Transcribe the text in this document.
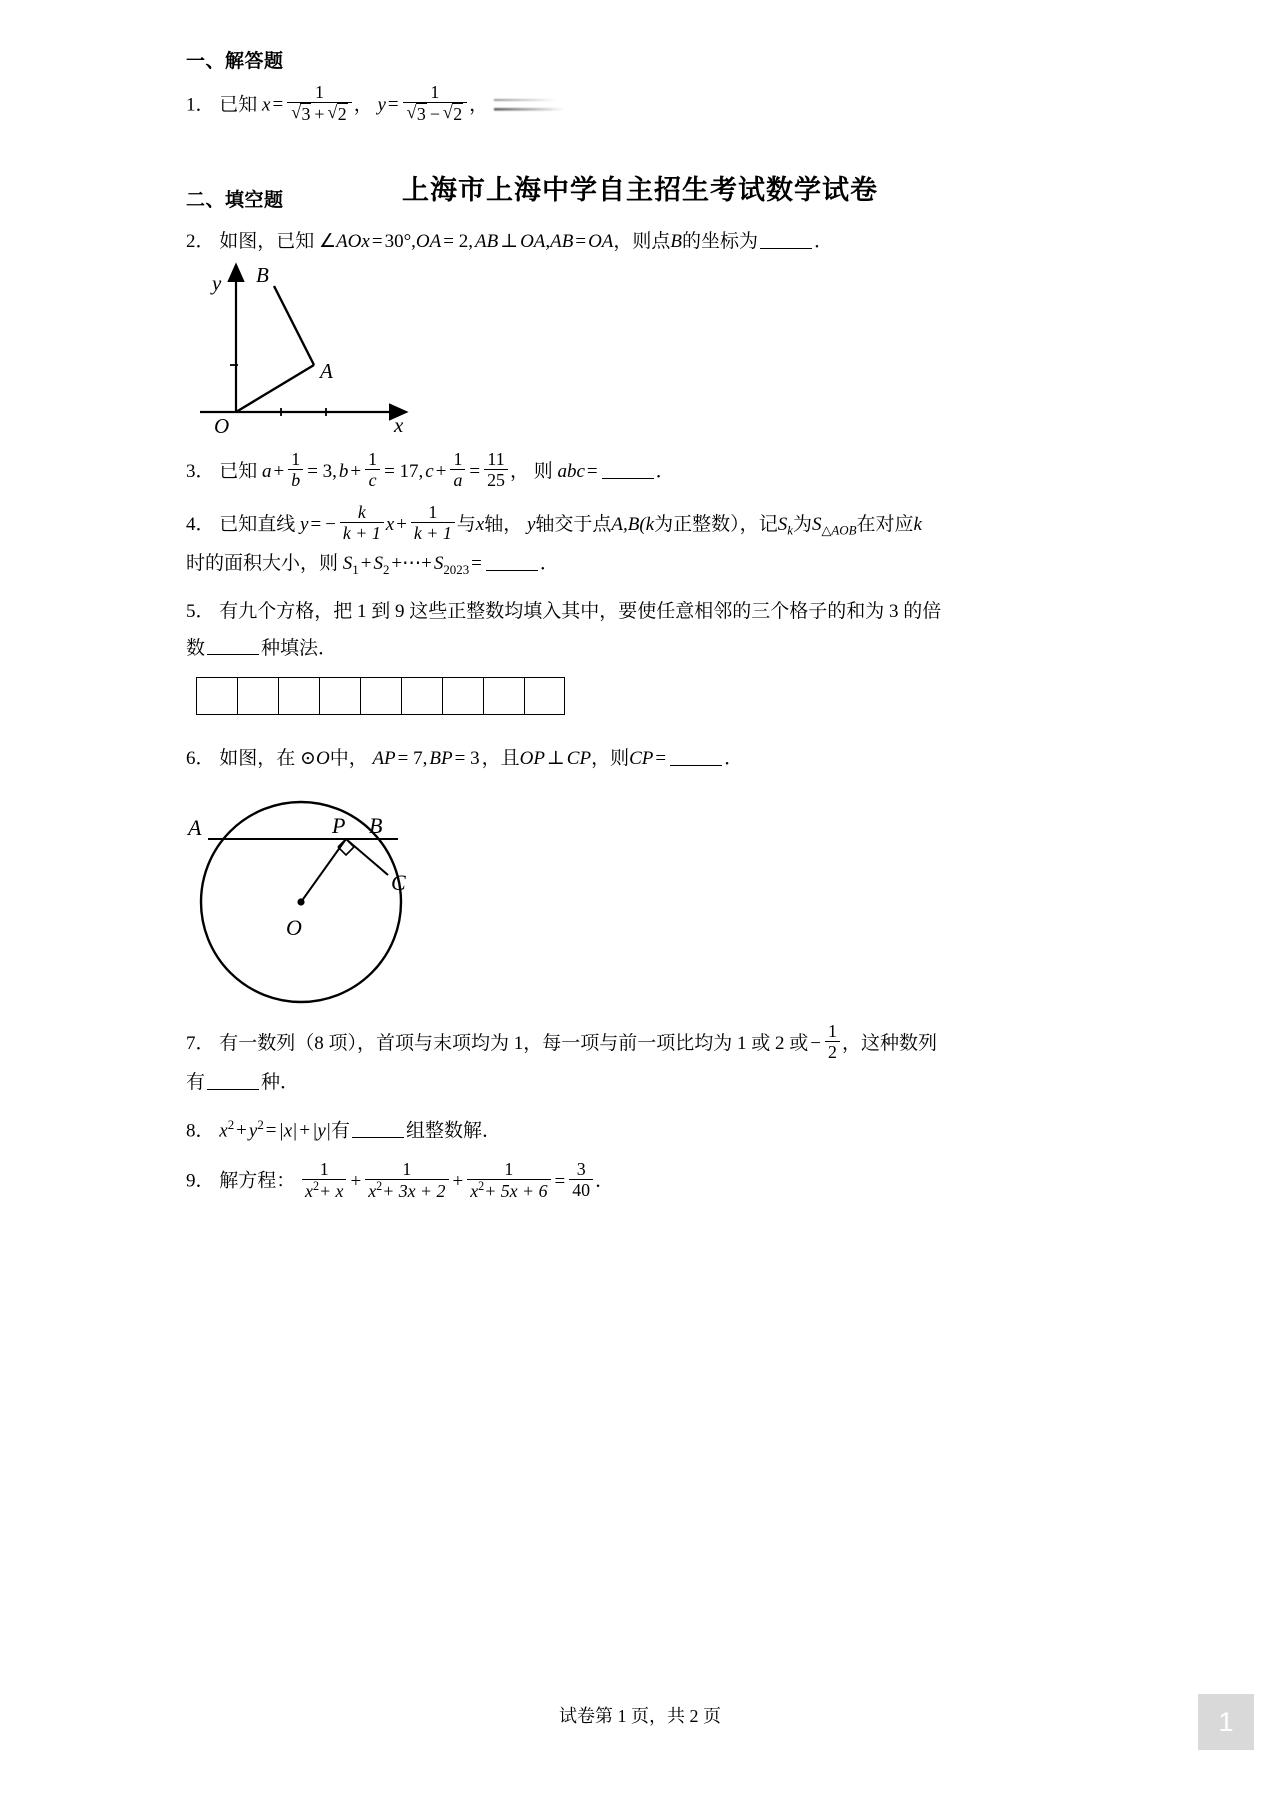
上海市上海中学自主招生考试数学试卷
一、解答题
1． 已知 x = 1
√ 3 + √ 2 ， y = 1
√ 3 − √ 2 ，
二、填空题
2． 如图，已知 ∠AOx = 30°,OA = 2, AB ⊥ OA,AB = OA，则点B的坐标为	．
y
x
O
A
B
3． 已知 $a + \frac{1}{b} = 3$, $b + \frac{1}{c} = 17$, $c + \frac{1}{a} = \frac{11}{25}$ ， 则 abc =	．
4． 已知直线 y = − $\frac{k}{k + 1}$ $x + \frac{1}{k + 1}$ 与x轴， y轴交于点A,B(k为正整数），记$S_k$为$S_{\triangle AOB}$在对应k
时的面积大小，则 $S_1 + S_2$ +⋯+ $S_{2023}$ =	．
5． 有九个方格，把 1 到 9 这些正整数均填入其中，要使任意相邻的三个格子的和为 3 的倍
数	种填法．
6． 如图，在 ⊙O中， AP = 7, BP = 3 ，且OP ⊥ CP，则CP =	．
A	B
P
C
O
7． 有一数列（8 项），首项与末项均为 1，每一项与前一项比均为 1 或 2 或 − $\frac{1}{2}$ ，这种数列
有	种．
8． $x^2 + y^2 = |x| + |y|$有	组整数解．
9． 解方程： $\frac{1}{x^2+ x} + \frac{1}{x^2+ 3x + 2} + \frac{1}{x^2+ 5x + 6} = \frac{3}{40}$ ．
试卷第 1 页，共 2 页	1
